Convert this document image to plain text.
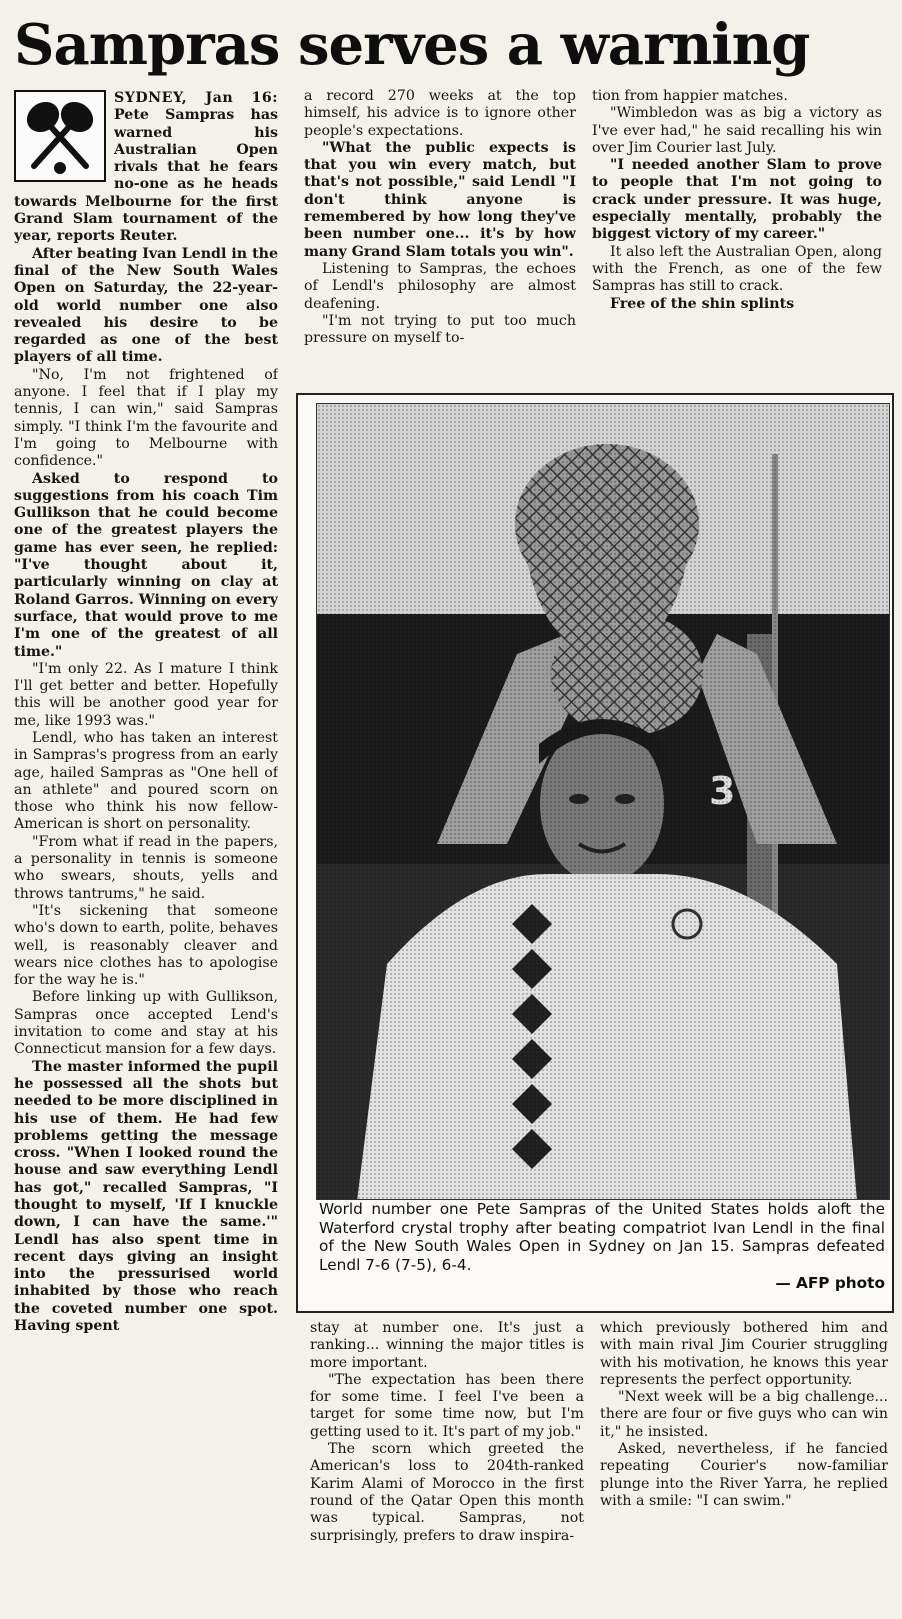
Sampras serves a warning

SYDNEY, Jan 16: Pete Sampras has warned his Australian Open rivals that he fears no-one as he heads towards Melbourne for the first Grand Slam tournament of the year, reports Reuter.

After beating Ivan Lendl in the final of the New South Wales Open on Saturday, the 22-year-old world number one also revealed his desire to be regarded as one of the best players of all time.

"No, I'm not frightened of anyone. I feel that if I play my tennis, I can win," said Sampras simply. "I think I'm the favourite and I'm going to Melbourne with confidence."

Asked to respond to suggestions from his coach Tim Gullikson that he could become one of the greatest players the game has ever seen, he replied: "I've thought about it, particularly winning on clay at Roland Garros. Winning on every surface, that would prove to me I'm one of the greatest of all time."

"I'm only 22. As I mature I think I'll get better and better. Hopefully this will be another good year for me, like 1993 was."

Lendl, who has taken an interest in Sampras's progress from an early age, hailed Sampras as "One hell of an athlete" and poured scorn on those who think his now fellow-American is short on personality.

"From what if read in the papers, a personality in tennis is someone who swears, shouts, yells and throws tantrums," he said.

"It's sickening that someone who's down to earth, polite, behaves well, is reasonably cleaver and wears nice clothes has to apologise for the way he is."

Before linking up with Gullikson, Sampras once accepted Lend's invitation to come and stay at his Connecticut mansion for a few days.

The master informed the pupil he possessed all the shots but needed to be more disciplined in his use of them. He had few problems getting the message cross. "When I looked round the house and saw everything Lendl has got," recalled Sampras, "I thought to myself, 'If I knuckle down, I can have the same.'" Lendl has also spent time in recent days giving an insight into the pressurised world inhabited by those who reach the coveted number one spot. Having spent

a record 270 weeks at the top himself, his advice is to ignore other people's expectations.

"What the public expects is that you win every match, but that's not possible," said Lendl "I don't think anyone is remembered by how long they've been number one... it's by how many Grand Slam totals you win".

Listening to Sampras, the echoes of Lendl's philosophy are almost deafening.

"I'm not trying to put too much pressure on myself to-

tion from happier matches.

"Wimbledon was as big a victory as I've ever had," he said recalling his win over Jim Courier last July.

"I needed another Slam to prove to people that I'm not going to crack under pressure. It was huge, especially mentally, probably the biggest victory of my career."

It also left the Australian Open, along with the French, as one of the few Sampras has still to crack.

Free of the shin splints

World number one Pete Sampras of the United States holds aloft the Waterford crystal trophy after beating compatriot Ivan Lendl in the final of the New South Wales Open in Sydney on Jan 15. Sampras defeated Lendl 7-6 (7-5), 6-4.
— AFP photo

stay at number one. It's just a ranking... winning the major titles is more important.

"The expectation has been there for some time. I feel I've been a target for some time now, but I'm getting used to it. It's part of my job."

The scorn which greeted the American's loss to 204th-ranked Karim Alami of Morocco in the first round of the Qatar Open this month was typical. Sampras, not surprisingly, prefers to draw inspira-

which previously bothered him and with main rival Jim Courier struggling with his motivation, he knows this year represents the perfect opportunity.

"Next week will be a big challenge... there are four or five guys who can win it," he insisted.

Asked, nevertheless, if he fancied repeating Courier's now-familiar plunge into the River Yarra, he replied with a smile: "I can swim."
